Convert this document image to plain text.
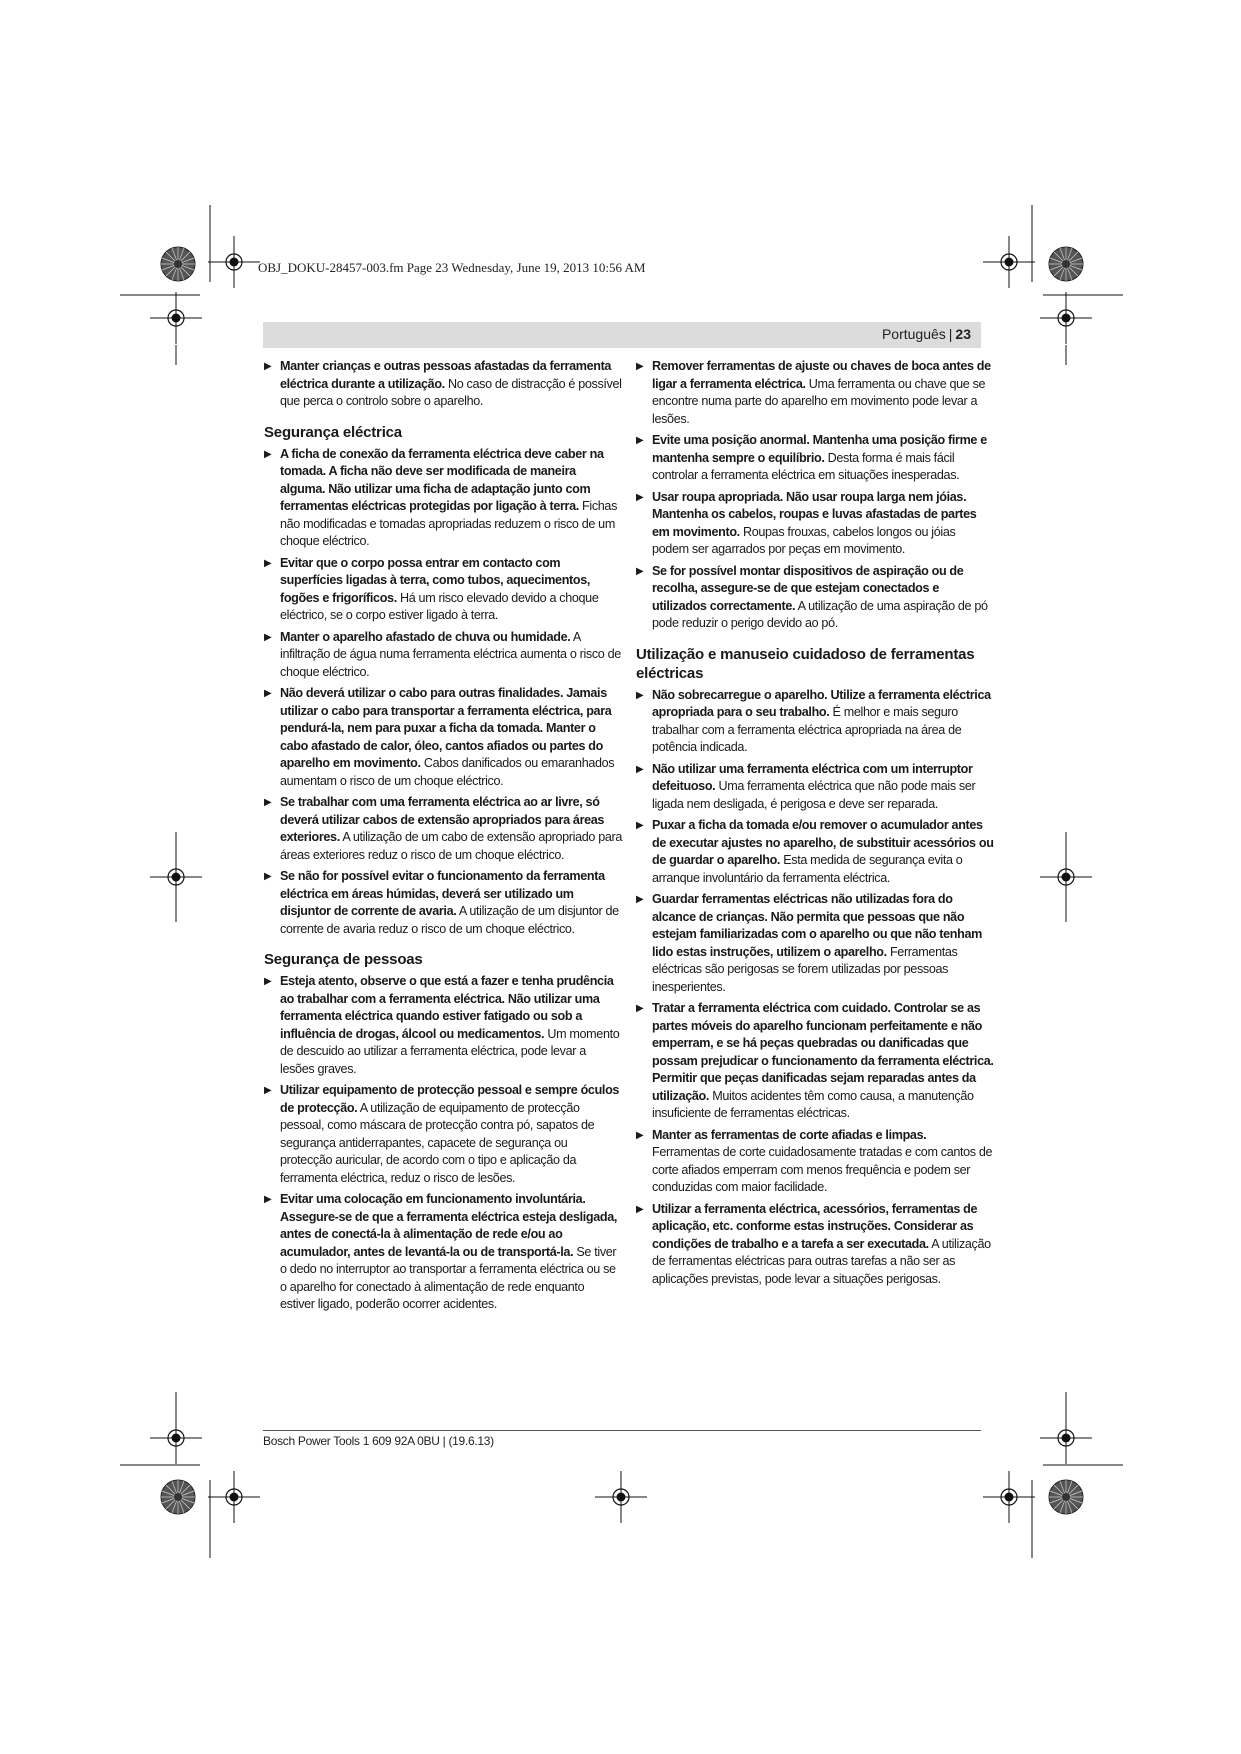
OBJ_DOKU-28457-003.fm Page 23 Wednesday, June 19, 2013 10:56 AM
Português | 23
▶ Manter crianças e outras pessoas afastadas da ferramenta eléctrica durante a utilização. No caso de distracção é possível que perca o controlo sobre o aparelho.
Segurança eléctrica
▶ A ficha de conexão da ferramenta eléctrica deve caber na tomada. A ficha não deve ser modificada de maneira alguma. Não utilizar uma ficha de adaptação junto com ferramentas eléctricas protegidas por ligação à terra. Fichas não modificadas e tomadas apropriadas reduzem o risco de um choque eléctrico.
▶ Evitar que o corpo possa entrar em contacto com superfícies ligadas à terra, como tubos, aquecimentos, fogões e frigoríficos. Há um risco elevado devido a choque eléctrico, se o corpo estiver ligado à terra.
▶ Manter o aparelho afastado de chuva ou humidade. A infiltração de água numa ferramenta eléctrica aumenta o risco de choque eléctrico.
▶ Não deverá utilizar o cabo para outras finalidades. Jamais utilizar o cabo para transportar a ferramenta eléctrica, para pendurá-la, nem para puxar a ficha da tomada. Manter o cabo afastado de calor, óleo, cantos afiados ou partes do aparelho em movimento. Cabos danificados ou emaranhados aumentam o risco de um choque eléctrico.
▶ Se trabalhar com uma ferramenta eléctrica ao ar livre, só deverá utilizar cabos de extensão apropriados para áreas exteriores. A utilização de um cabo de extensão apropriado para áreas exteriores reduz o risco de um choque eléctrico.
▶ Se não for possível evitar o funcionamento da ferramenta eléctrica em áreas húmidas, deverá ser utilizado um disjuntor de corrente de avaria. A utilização de um disjuntor de corrente de avaria reduz o risco de um choque eléctrico.
Segurança de pessoas
▶ Esteja atento, observe o que está a fazer e tenha prudência ao trabalhar com a ferramenta eléctrica. Não utilizar uma ferramenta eléctrica quando estiver fatigado ou sob a influência de drogas, álcool ou medicamentos. Um momento de descuido ao utilizar a ferramenta eléctrica, pode levar a lesões graves.
▶ Utilizar equipamento de protecção pessoal e sempre óculos de protecção. A utilização de equipamento de protecção pessoal, como máscara de protecção contra pó, sapatos de segurança antiderrapantes, capacete de segurança ou protecção auricular, de acordo com o tipo e aplicação da ferramenta eléctrica, reduz o risco de lesões.
▶ Evitar uma colocação em funcionamento involuntária. Assegure-se de que a ferramenta eléctrica esteja desligada, antes de conectá-la à alimentação de rede e/ou ao acumulador, antes de levantá-la ou de transportá-la. Se tiver o dedo no interruptor ao transportar a ferramenta eléctrica ou se o aparelho for conectado à alimentação de rede enquanto estiver ligado, poderão ocorrer acidentes.
▶ Remover ferramentas de ajuste ou chaves de boca antes de ligar a ferramenta eléctrica. Uma ferramenta ou chave que se encontre numa parte do aparelho em movimento pode levar a lesões.
▶ Evite uma posição anormal. Mantenha uma posição firme e mantenha sempre o equilíbrio. Desta forma é mais fácil controlar a ferramenta eléctrica em situações inesperadas.
▶ Usar roupa apropriada. Não usar roupa larga nem jóias. Mantenha os cabelos, roupas e luvas afastadas de partes em movimento. Roupas frouxas, cabelos longos ou jóias podem ser agarrados por peças em movimento.
▶ Se for possível montar dispositivos de aspiração ou de recolha, assegure-se de que estejam conectados e utilizados correctamente. A utilização de uma aspiração de pó pode reduzir o perigo devido ao pó.
Utilização e manuseio cuidadoso de ferramentas eléctricas
▶ Não sobrecarregue o aparelho. Utilize a ferramenta eléctrica apropriada para o seu trabalho. É melhor e mais seguro trabalhar com a ferramenta eléctrica apropriada na área de potência indicada.
▶ Não utilizar uma ferramenta eléctrica com um interruptor defeituoso. Uma ferramenta eléctrica que não pode mais ser ligada nem desligada, é perigosa e deve ser reparada.
▶ Puxar a ficha da tomada e/ou remover o acumulador antes de executar ajustes no aparelho, de substituir acessórios ou de guardar o aparelho. Esta medida de segurança evita o arranque involuntário da ferramenta eléctrica.
▶ Guardar ferramentas eléctricas não utilizadas fora do alcance de crianças. Não permita que pessoas que não estejam familiarizadas com o aparelho ou que não tenham lido estas instruções, utilizem o aparelho. Ferramentas eléctricas são perigosas se forem utilizadas por pessoas inesperientes.
▶ Tratar a ferramenta eléctrica com cuidado. Controlar se as partes móveis do aparelho funcionam perfeitamente e não emperram, e se há peças quebradas ou danificadas que possam prejudicar o funcionamento da ferramenta eléctrica. Permitir que peças danificadas sejam reparadas antes da utilização. Muitos acidentes têm como causa, a manutenção insuficiente de ferramentas eléctricas.
▶ Manter as ferramentas de corte afiadas e limpas. Ferramentas de corte cuidadosamente tratadas e com cantos de corte afiados emperram com menos frequência e podem ser conduzidas com maior facilidade.
▶ Utilizar a ferramenta eléctrica, acessórios, ferramentas de aplicação, etc. conforme estas instruções. Considerar as condições de trabalho e a tarefa a ser executada. A utilização de ferramentas eléctricas para outras tarefas a não ser as aplicações previstas, pode levar a situações perigosas.
Bosch Power Tools 1 609 92A 0BU | (19.6.13)
